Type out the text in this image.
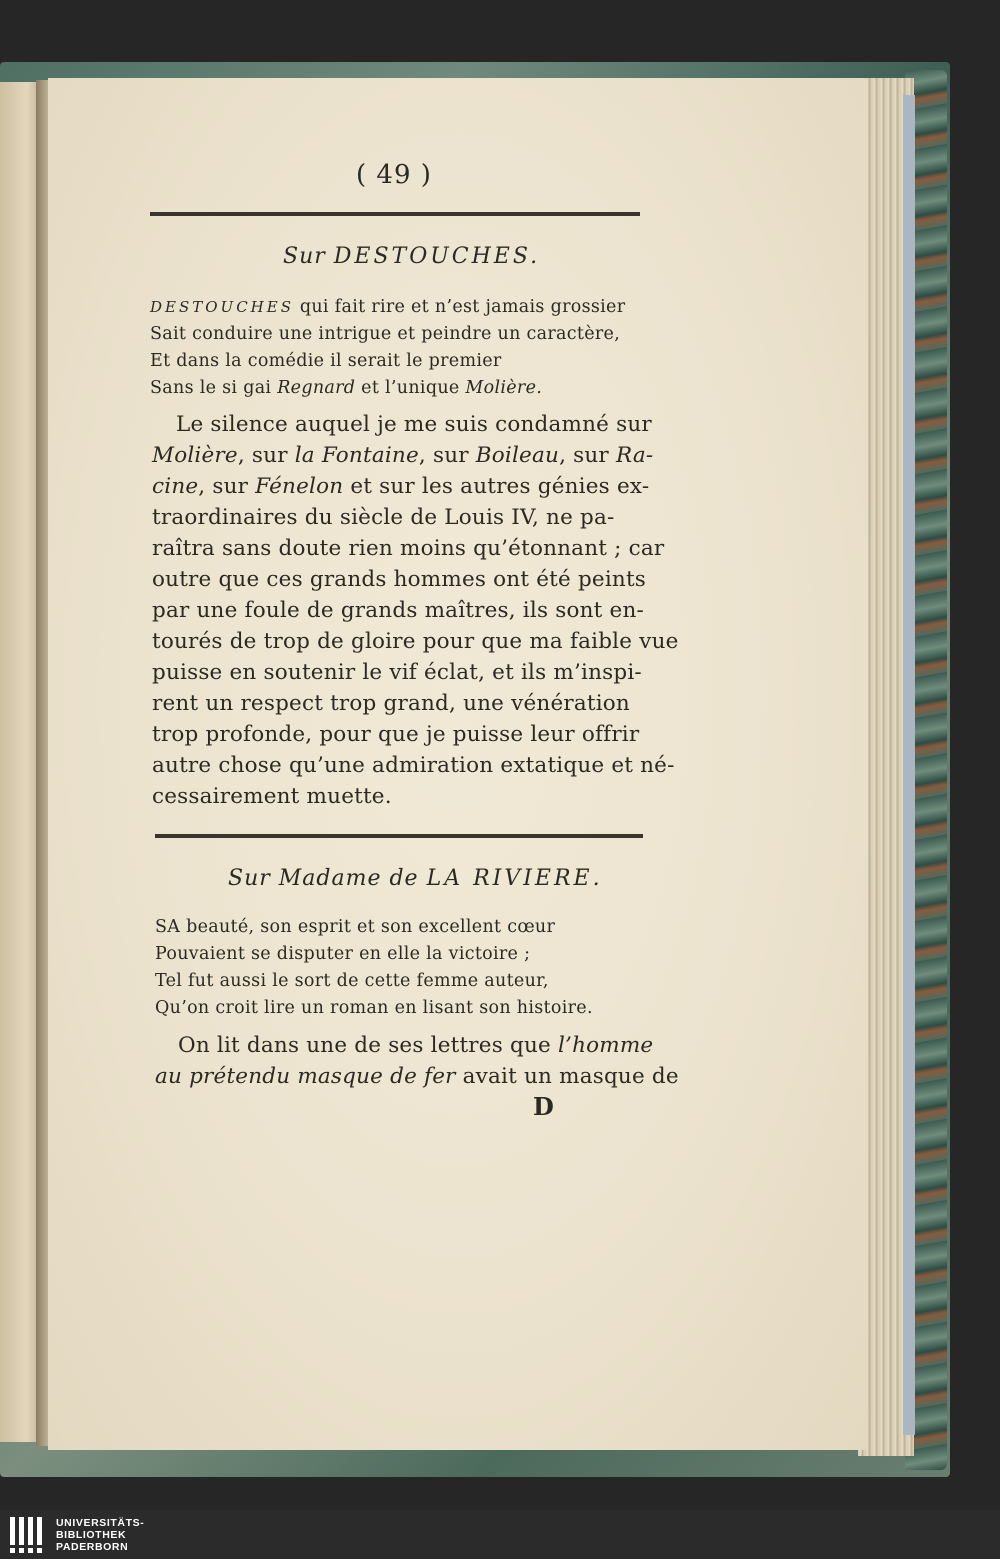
( 49 )

Sur DESTOUCHES.

DESTOUCHES qui fait rire et n’est jamais grossier

Sait conduire une intrigue et peindre un caractère,

Et dans la comédie il serait le premier

Sans le si gai Regnard et l’unique Molière.

Le silence auquel je me suis condamné sur

Molière, sur la Fontaine, sur Boileau, sur Ra-

cine, sur Fénelon et sur les autres génies ex-

traordinaires du siècle de Louis IV, ne pa-

raîtra sans doute rien moins qu’étonnant ; car

outre que ces grands hommes ont été peints

par une foule de grands maîtres, ils sont en-

tourés de trop de gloire pour que ma faible vue

puisse en soutenir le vif éclat, et ils m’inspi-

rent un respect trop grand, une vénération

trop profonde, pour que je puisse leur offrir

autre chose qu’une admiration extatique et né-

cessairement muette.

Sur Madame de LA RIVIERE.

SA beauté, son esprit et son excellent cœur

Pouvaient se disputer en elle la victoire ;

Tel fut aussi le sort de cette femme auteur,

Qu’on croit lire un roman en lisant son histoire.

On lit dans une de ses lettres que l’homme

au prétendu masque de fer avait un masque de

D

UNIVERSITÄTS-
BIBLIOTHEK
PADERBORN
